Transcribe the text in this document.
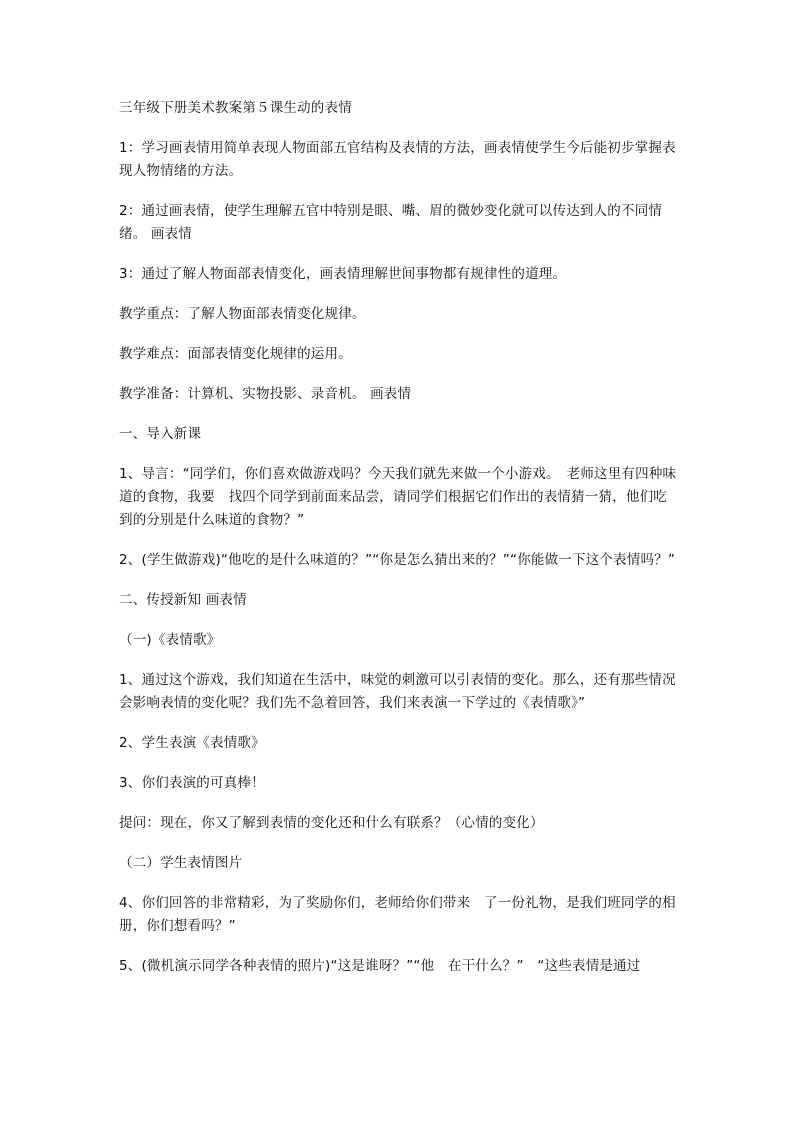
三年级下册美术教案第５课生动的表情

1：学习画表情用简单表现人物面部五官结构及表情的方法，画表情使学生今后能初步掌握表现人物情绪的方法。

2：通过画表情，使学生理解五官中特别是眼、嘴、眉的微妙变化就可以传达到人的不同情绪。 画表情

3：通过了解人物面部表情变化，画表情理解世间事物都有规律性的道理。

教学重点：了解人物面部表情变化规律。

教学难点：面部表情变化规律的运用。

教学准备：计算机、实物投影、录音机。 画表情

一、导入新课

1、导言：“同学们，你们喜欢做游戏吗？今天我们就先来做一个小游戏。　老师这里有四种味道的食物，我要　找四个同学到前面来品尝，请同学们根据它们作出的表情猜一猜，他们吃到的分别是什么味道的食物？”

2、(学生做游戏)“他吃的是什么味道的？”“你是怎么猜出来的？”“你能做一下这个表情吗？”

二、传授新知 画表情

（一)《表情歌》

1、通过这个游戏，我们知道在生活中，味觉的刺激可以引表情的变化。那么，还有那些情况会影响表情的变化呢？我们先不急着回答，我们来表演一下学过的《表情歌》”

2、学生表演《表情歌》

3、你们表演的可真棒！

提问：现在，你又了解到表情的变化还和什么有联系？（心情的变化）

（二）学生表情图片

4、你们回答的非常精彩，为了奖励你们，老师给你们带来　了一份礼物，是我们班同学的相册，你们想看吗？”

5、(微机演示同学各种表情的照片)“这是谁呀？”“他　在干什么？”　“这些表情是通过
